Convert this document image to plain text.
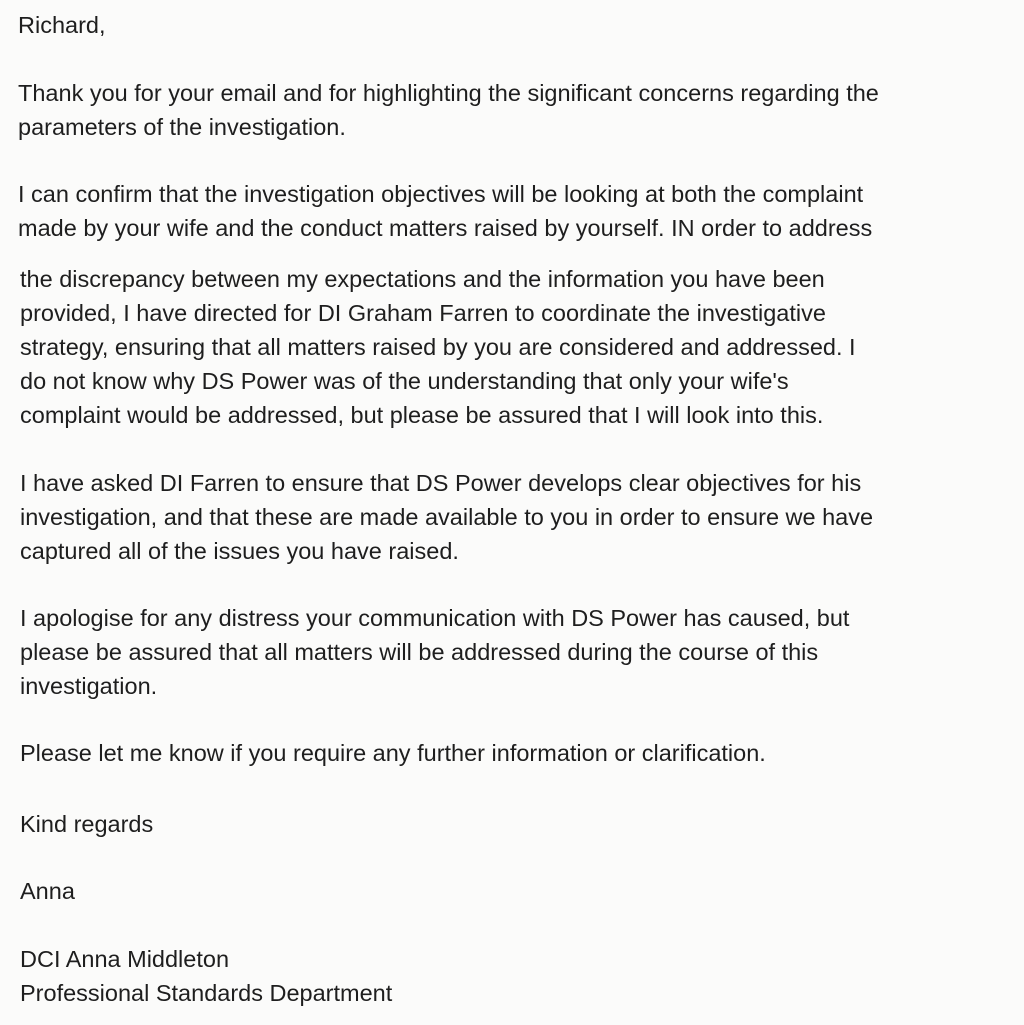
Richard,

Thank you for your email and for highlighting the significant concerns regarding the

parameters of the investigation.

I can confirm that the investigation objectives will be looking at both the complaint

made by your wife and the conduct matters raised by yourself. IN order to address

the discrepancy between my expectations and the information you have been

provided, I have directed for DI Graham Farren to coordinate the investigative

strategy, ensuring that all matters raised by you are considered and addressed. I

do not know why DS Power was of the understanding that only your wife's

complaint would be addressed, but please be assured that I will look into this.

I have asked DI Farren to ensure that DS Power develops clear objectives for his

investigation, and that these are made available to you in order to ensure we have

captured all of the issues you have raised.

I apologise for any distress your communication with DS Power has caused, but

please be assured that all matters will be addressed during the course of this

investigation.

Please let me know if you require any further information or clarification.

Kind regards

Anna

DCI Anna Middleton

Professional Standards Department
